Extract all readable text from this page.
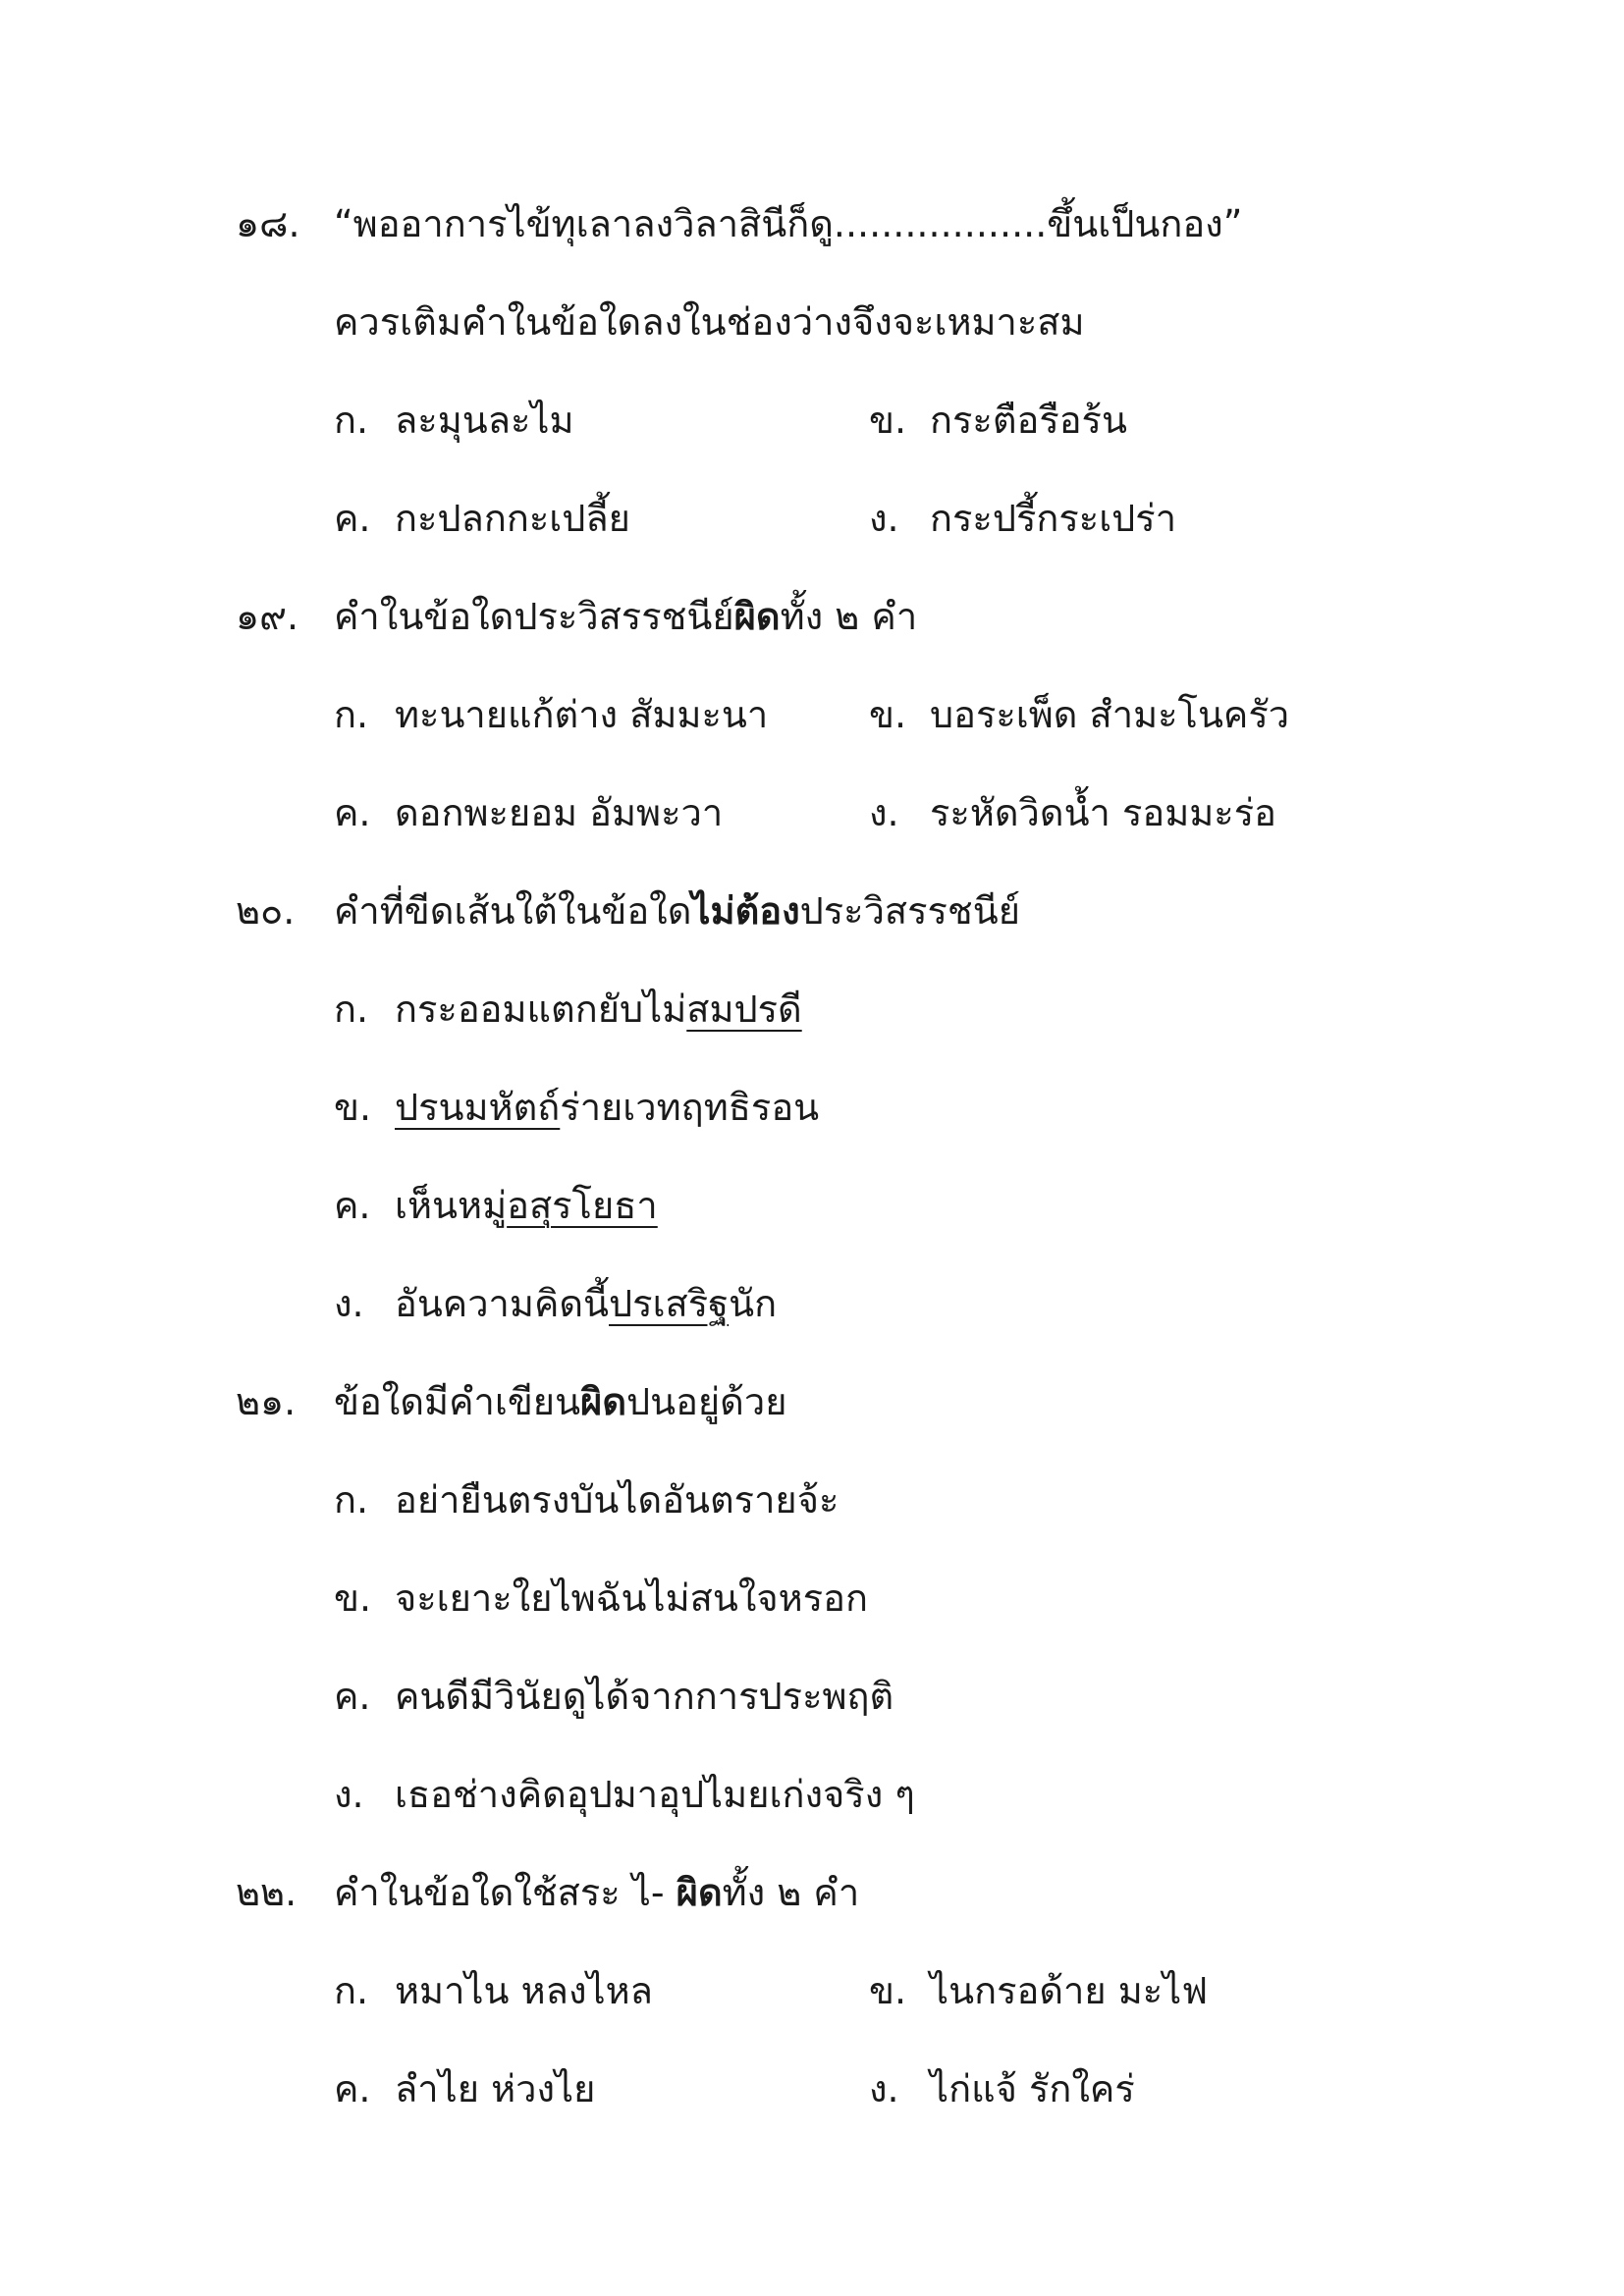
๑๘. “พออาการไข้ทุเลาลงวิลาสินีก็ดู..................ขึ้นเป็นกอง”
ควรเติมคำในข้อใดลงในช่องว่างจึงจะเหมาะสม
ก. ละมุนละไม	ข. กระตือรือร้น
ค. กะปลกกะเปลี้ย	ง. กระปรี้กระเปร่า
๑๙. คำในข้อใดประวิสรรชนีย์ผิดทั้ง ๒ คำ
ก. ทะนายแก้ต่าง สัมมะนา	ข. บอระเพ็ด สำมะโนครัว
ค. ดอกพะยอม อัมพะวา	ง. ระหัดวิดน้ำ รอมมะร่อ
๒๐. คำที่ขีดเส้นใต้ในข้อใดไม่ต้องประวิสรรชนีย์
ก. กระออมแตกยับไม่สมปรดี
ข. ปรนมหัตถ์ร่ายเวทฤทธิรอน
ค. เห็นหมู่อสุรโยธา
ง. อันความคิดนี้ปรเสริฐนัก
๒๑. ข้อใดมีคำเขียนผิดปนอยู่ด้วย
ก. อย่ายืนตรงบันไดอันตรายจ้ะ
ข. จะเยาะใยไพฉันไม่สนใจหรอก
ค. คนดีมีวินัยดูได้จากการประพฤติ
ง. เธอช่างคิดอุปมาอุปไมยเก่งจริง ๆ
๒๒. คำในข้อใดใช้สระ ไ- ผิดทั้ง ๒ คำ
ก. หมาไน หลงไหล	ข. ไนกรอด้าย มะไฟ
ค. ลำไย ห่วงไย	ง. ไก่แจ้ รักใคร่
